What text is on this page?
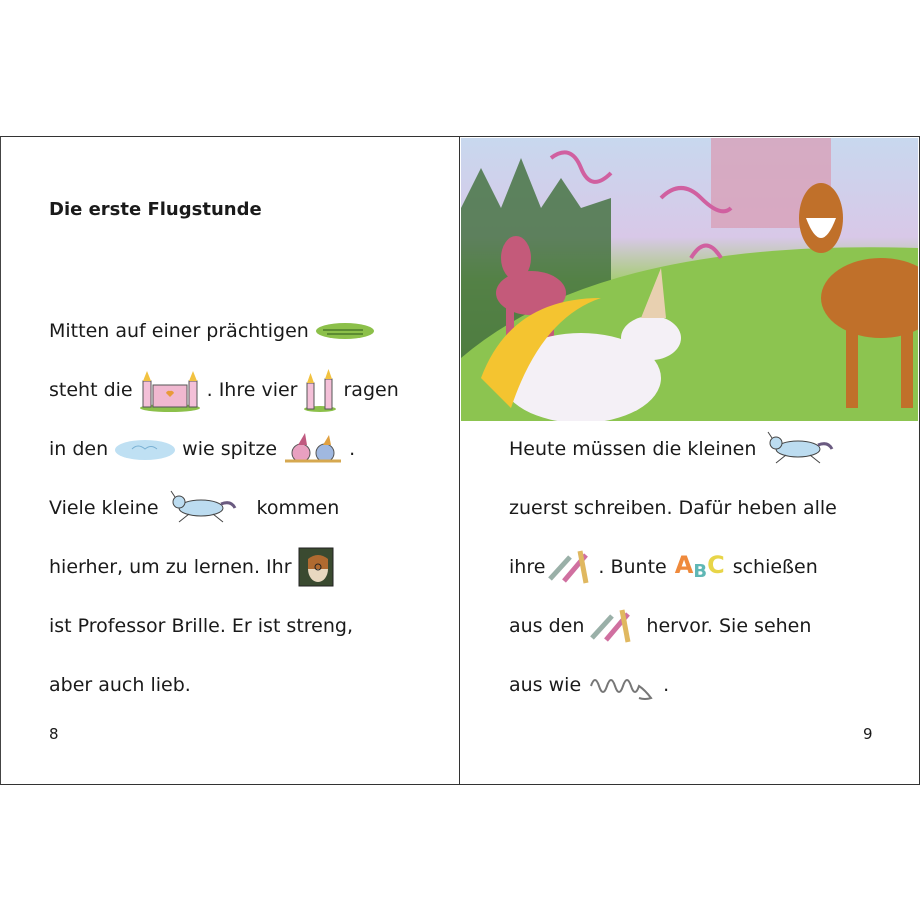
Die erste Flugstunde
Mitten auf einer prächtigen
steht die	. Ihre vier ragen
in den	wie spitze	.
Viele kleine	kommen
hierher, um zu lernen. Ihr
ist Professor Brille. Er ist streng,
aber auch lieb.
8
Heute müssen die kleinen
zuerst schreiben. Dafür heben alle
ihre	. Bunte ABC schießen
aus den	hervor. Sie sehen
aus wie	.
9
